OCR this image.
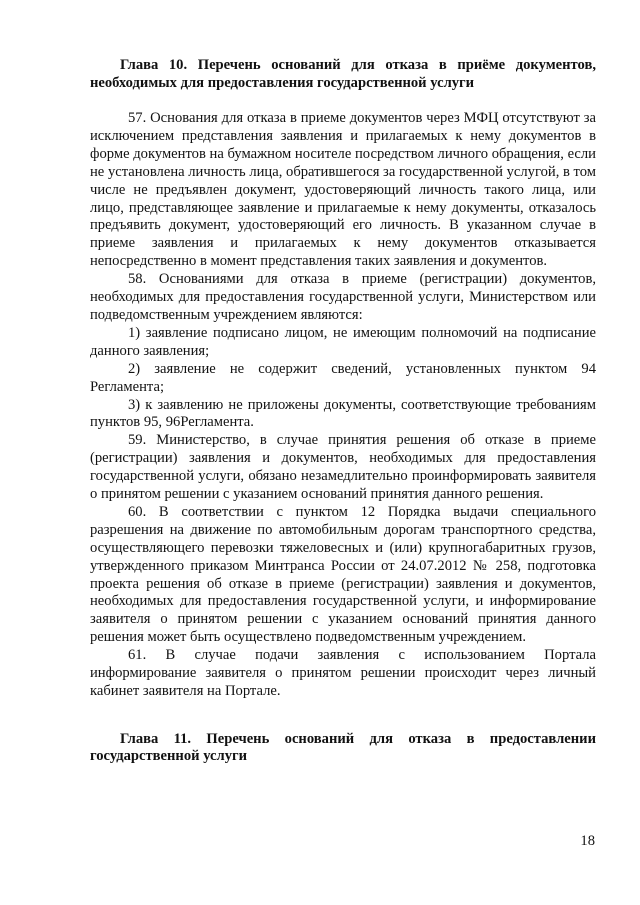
Глава 10. Перечень оснований для отказа в приёме документов, необходимых для предоставления государственной услуги

57. Основания для отказа в приеме документов через МФЦ отсутствуют за исключением представления заявления и прилагаемых к нему документов в форме документов на бумажном носителе посредством личного обращения, если не установлена личность лица, обратившегося за государственной услугой, в том числе не предъявлен документ, удостоверяющий личность такого лица, или лицо, представляющее заявление и прилагаемые к нему документы, отказалось предъявить документ, удостоверяющий его личность. В указанном случае в приеме заявления и прилагаемых к нему документов отказывается непосредственно в момент представления таких заявления и документов.

58. Основаниями для отказа в приеме (регистрации) документов, необходимых для предоставления государственной услуги, Министерством или подведомственным учреждением являются:

1) заявление подписано лицом, не имеющим полномочий на подписание данного заявления;

2) заявление не содержит сведений, установленных пунктом 94 Регламента;

3) к заявлению не приложены документы, соответствующие требованиям пунктов 95, 96Регламента.

59. Министерство, в случае принятия решения об отказе в приеме (регистрации) заявления и документов, необходимых для предоставления государственной услуги, обязано незамедлительно проинформировать заявителя о принятом решении с указанием оснований принятия данного решения.

60. В соответствии с пунктом 12 Порядка выдачи специального разрешения на движение по автомобильным дорогам транспортного средства, осуществляющего перевозки тяжеловесных и (или) крупногабаритных грузов, утвержденного приказом Минтранса России от 24.07.2012 № 258, подготовка проекта решения об отказе в приеме (регистрации) заявления и документов, необходимых для предоставления государственной услуги, и информирование заявителя о принятом решении с указанием оснований принятия данного решения может быть осуществлено подведомственным учреждением.

61. В случае подачи заявления с использованием Портала информирование заявителя о принятом решении происходит через личный кабинет заявителя на Портале.

Глава 11. Перечень оснований для отказа в предоставлении государственной услуги
18
